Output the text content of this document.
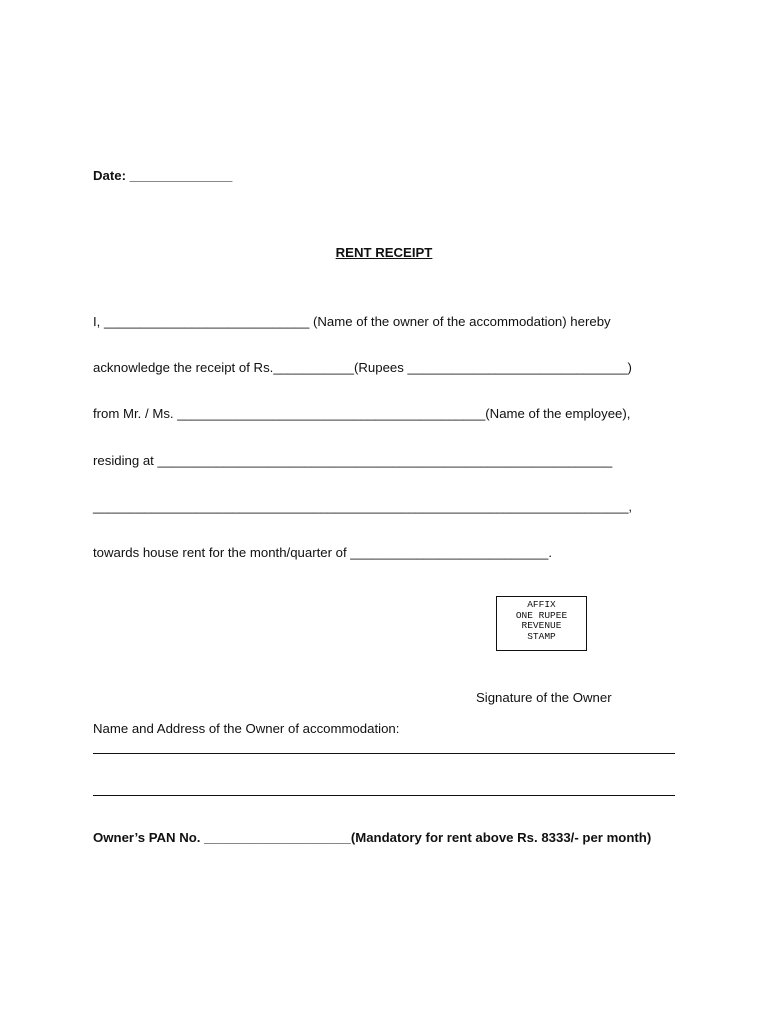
Date: ______________
RENT RECEIPT
I, ____________________________ (Name of the owner of the accommodation) hereby
acknowledge the receipt of Rs.___________(Rupees ______________________________)
from Mr. / Ms. __________________________________________(Name of the employee),
residing at ______________________________________________________________
_________________________________________________________________________,
towards house rent for the month/quarter of ___________________________.
AFFIX
ONE RUPEE
REVENUE
STAMP
Signature of the Owner
Name and Address of the Owner of accommodation:
Owner’s PAN No. ____________________(Mandatory for rent above Rs. 8333/- per month)
